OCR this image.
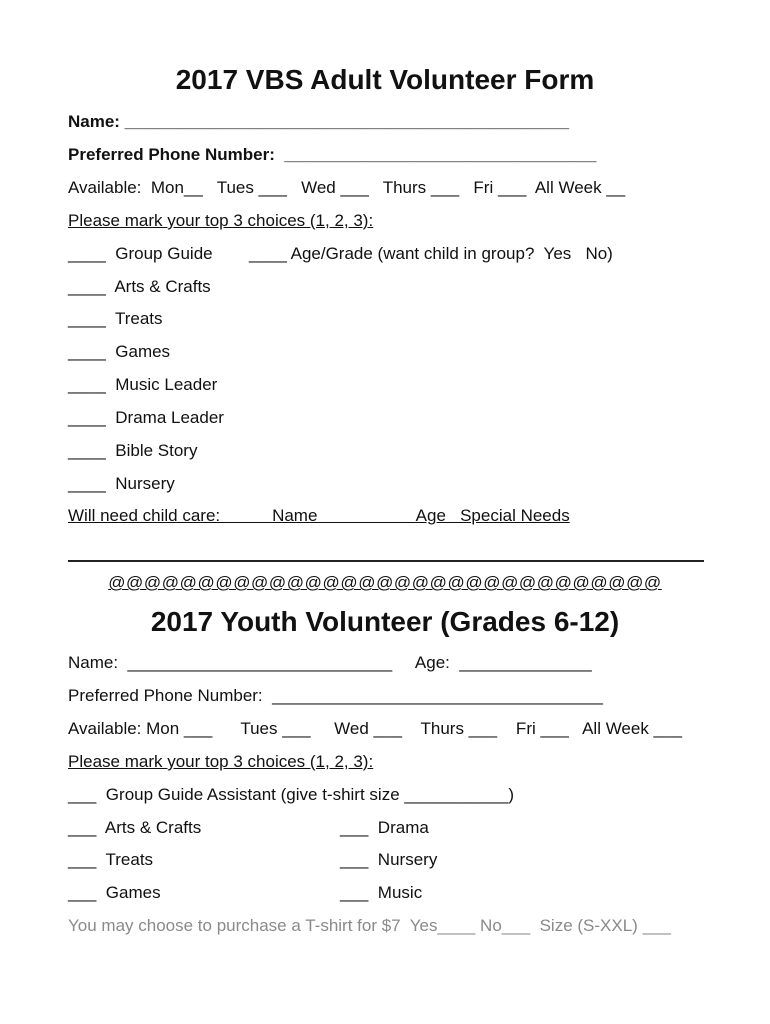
2017 VBS Adult Volunteer Form
Name: _______________________________________________
Preferred Phone Number:  _________________________________
Available:  Mon__   Tues ___   Wed ___   Thurs ___   Fri ___  All Week __
Please mark your top 3 choices (1, 2, 3):
____  Group Guide ____ Age/Grade (want child in group?  Yes   No)
____  Arts & Crafts
____  Treats
____  Games
____  Music Leader
____  Drama Leader
____  Bible Story
____  Nursery
Will need child care:           Name                     Age   Special Needs
@@@@@@@@@@@@@@@@@@@@@@@@@@@@@@@
2017 Youth Volunteer (Grades 6-12)
Name:  ____________________________     Age:  ______________
Preferred Phone Number:  ___________________________________
Available: Mon ___      Tues ___     Wed ___    Thurs ___    Fri ___   All Week ___
Please mark your top 3 choices (1, 2, 3):
___  Group Guide Assistant (give t-shirt size ___________)
___  Arts & Crafts
___  Treats
___  Games
___  Drama
___  Nursery
___  Music
You may choose to purchase a T-shirt for $7  Yes____ No___  Size (S-XXL) ___
